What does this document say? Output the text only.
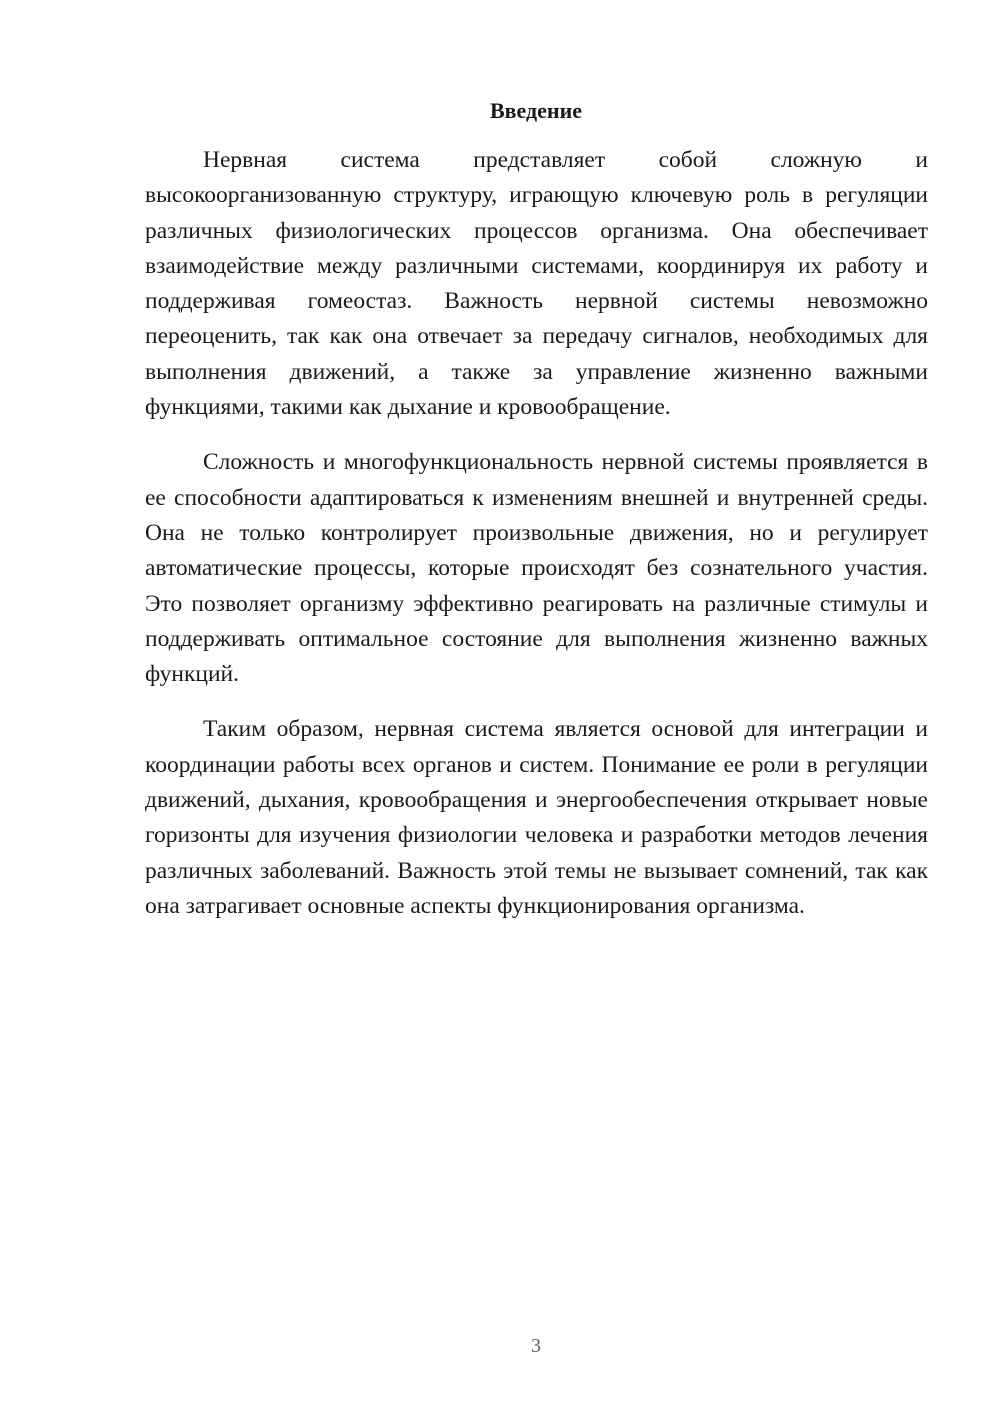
Введение

Нервная система представляет собой сложную и высокоорганизованную структуру, играющую ключевую роль в регуляции различных физиологических процессов организма. Она обеспечивает взаимодействие между различными системами, координируя их работу и поддерживая гомеостаз. Важность нервной системы невозможно переоценить, так как она отвечает за передачу сигналов, необходимых для выполнения движений, а также за управление жизненно важными функциями, такими как дыхание и кровообращение.

Сложность и многофункциональность нервной системы проявляется в ее способности адаптироваться к изменениям внешней и внутренней среды. Она не только контролирует произвольные движения, но и регулирует автоматические процессы, которые происходят без сознательного участия. Это позволяет организму эффективно реагировать на различные стимулы и поддерживать оптимальное состояние для выполнения жизненно важных функций.

Таким образом, нервная система является основой для интеграции и координации работы всех органов и систем. Понимание ее роли в регуляции движений, дыхания, кровообращения и энергообеспечения открывает новые горизонты для изучения физиологии человека и разработки методов лечения различных заболеваний. Важность этой темы не вызывает сомнений, так как она затрагивает основные аспекты функционирования организма.

3
